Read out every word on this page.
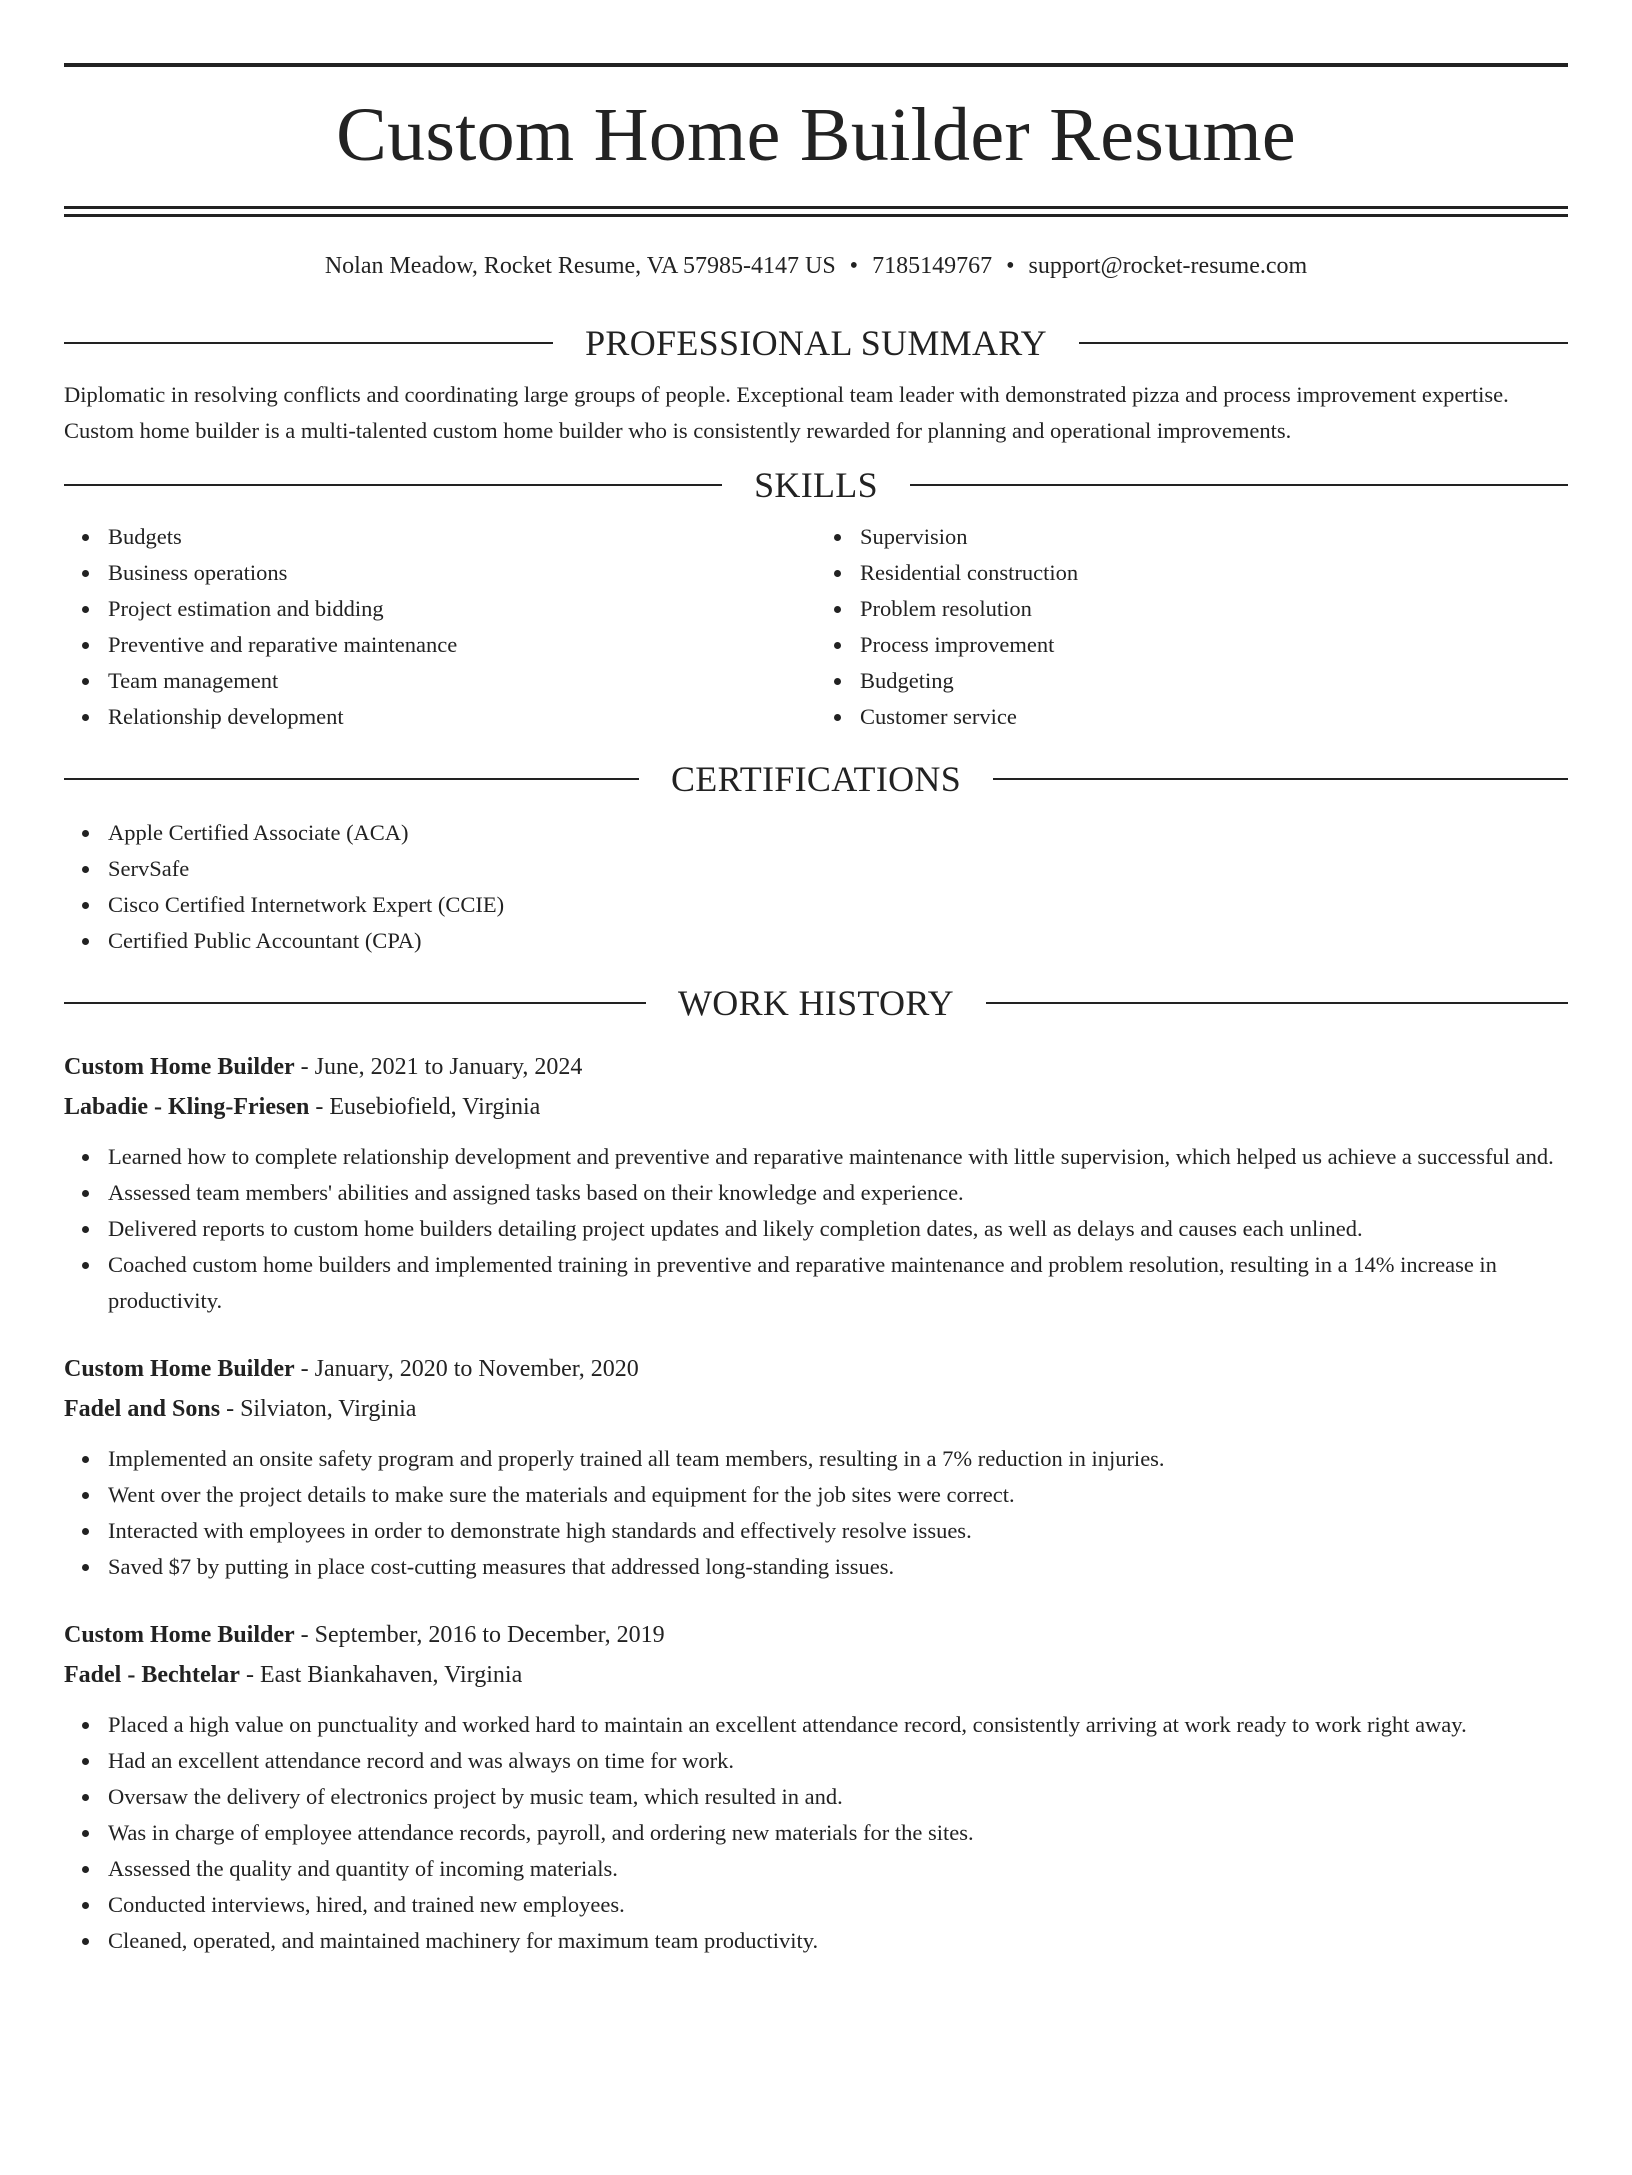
Custom Home Builder Resume
Nolan Meadow, Rocket Resume, VA 57985-4147 US • 7185149767 • support@rocket-resume.com
PROFESSIONAL SUMMARY
Diplomatic in resolving conflicts and coordinating large groups of people. Exceptional team leader with demonstrated pizza and process improvement expertise. Custom home builder is a multi-talented custom home builder who is consistently rewarded for planning and operational improvements.
SKILLS
Budgets
Business operations
Project estimation and bidding
Preventive and reparative maintenance
Team management
Relationship development
Supervision
Residential construction
Problem resolution
Process improvement
Budgeting
Customer service
CERTIFICATIONS
Apple Certified Associate (ACA)
ServSafe
Cisco Certified Internetwork Expert (CCIE)
Certified Public Accountant (CPA)
WORK HISTORY
Custom Home Builder - June, 2021 to January, 2024
Labadie - Kling-Friesen - Eusebiofield, Virginia
Learned how to complete relationship development and preventive and reparative maintenance with little supervision, which helped us achieve a successful and.
Assessed team members' abilities and assigned tasks based on their knowledge and experience.
Delivered reports to custom home builders detailing project updates and likely completion dates, as well as delays and causes each unlined.
Coached custom home builders and implemented training in preventive and reparative maintenance and problem resolution, resulting in a 14% increase in productivity.
Custom Home Builder - January, 2020 to November, 2020
Fadel and Sons - Silviaton, Virginia
Implemented an onsite safety program and properly trained all team members, resulting in a 7% reduction in injuries.
Went over the project details to make sure the materials and equipment for the job sites were correct.
Interacted with employees in order to demonstrate high standards and effectively resolve issues.
Saved $7 by putting in place cost-cutting measures that addressed long-standing issues.
Custom Home Builder - September, 2016 to December, 2019
Fadel - Bechtelar - East Biankahaven, Virginia
Placed a high value on punctuality and worked hard to maintain an excellent attendance record, consistently arriving at work ready to work right away.
Had an excellent attendance record and was always on time for work.
Oversaw the delivery of electronics project by music team, which resulted in and.
Was in charge of employee attendance records, payroll, and ordering new materials for the sites.
Assessed the quality and quantity of incoming materials.
Conducted interviews, hired, and trained new employees.
Cleaned, operated, and maintained machinery for maximum team productivity.
